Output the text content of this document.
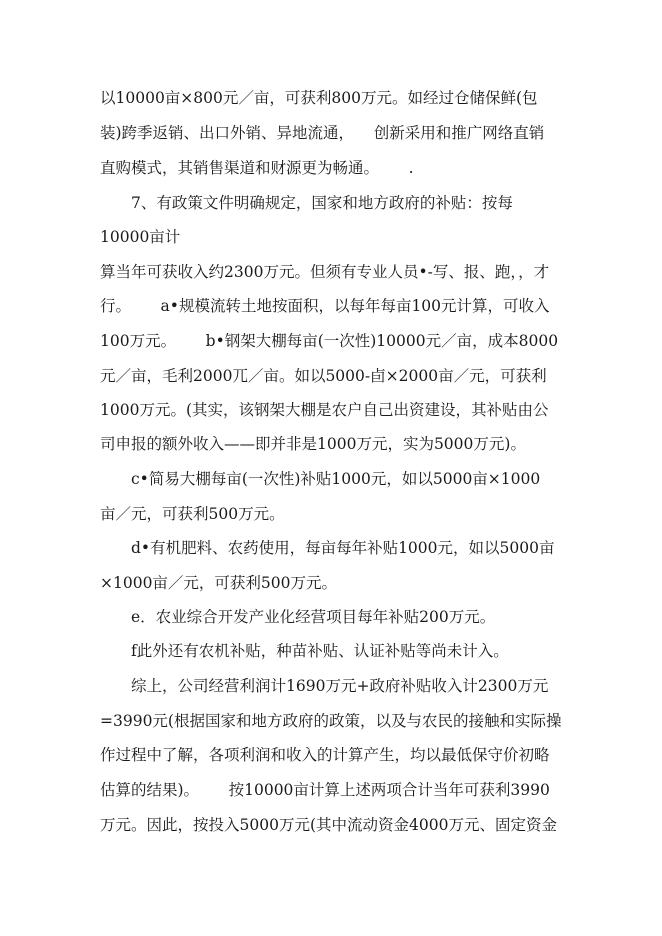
以10000亩×800元／亩，可获利800万元。如经过仓储保鲜(包
装)跨季返销、出口外销、异地流通，    创新采用和推广网络直销
直购模式，其销售渠道和财源更为畅通。      .
7、有政策文件明确规定，国家和地方政府的补贴：按每
10000亩计
算当年可获收入约2300万元。但须有专业人员•-写、报、跑，，才
行。      a•规模流转土地按面积，以每年每亩100元计算，可收入
100万元。      b•钢架大棚每亩(一次性)10000元／亩，成本8000
元／亩，毛利2000兀／亩。如以5000-卣×2000亩／元，可获利
1000万元。(其实，该钢架大棚是农户自己出资建设，其补贴由公
司申报的额外收入——即并非是1000万元，实为5000万元)。
c•简易大棚每亩(一次性)补贴1000元，如以5000亩×1000
亩／元，可获利500万元。
d•有机肥料、农药使用，每亩每年补贴1000元，如以5000亩
×1000亩／元，可获利500万元。
e．农业综合开发产业化经营项目每年补贴200万元。
f此外还有农机补贴，种苗补贴、认证补贴等尚未计入。
综上，公司经营利润计1690万元+政府补贴收入计2300万元
=3990元(根据国家和地方政府的政策，以及与农民的接触和实际操
作过程中了解，各项利润和收入的计算产生，均以最低保守价初略
估算的结果)。      按10000亩计算上述两项合计当年可获利3990
万元。因此，按投入5000万元(其中流动资金4000万元、固定资金
